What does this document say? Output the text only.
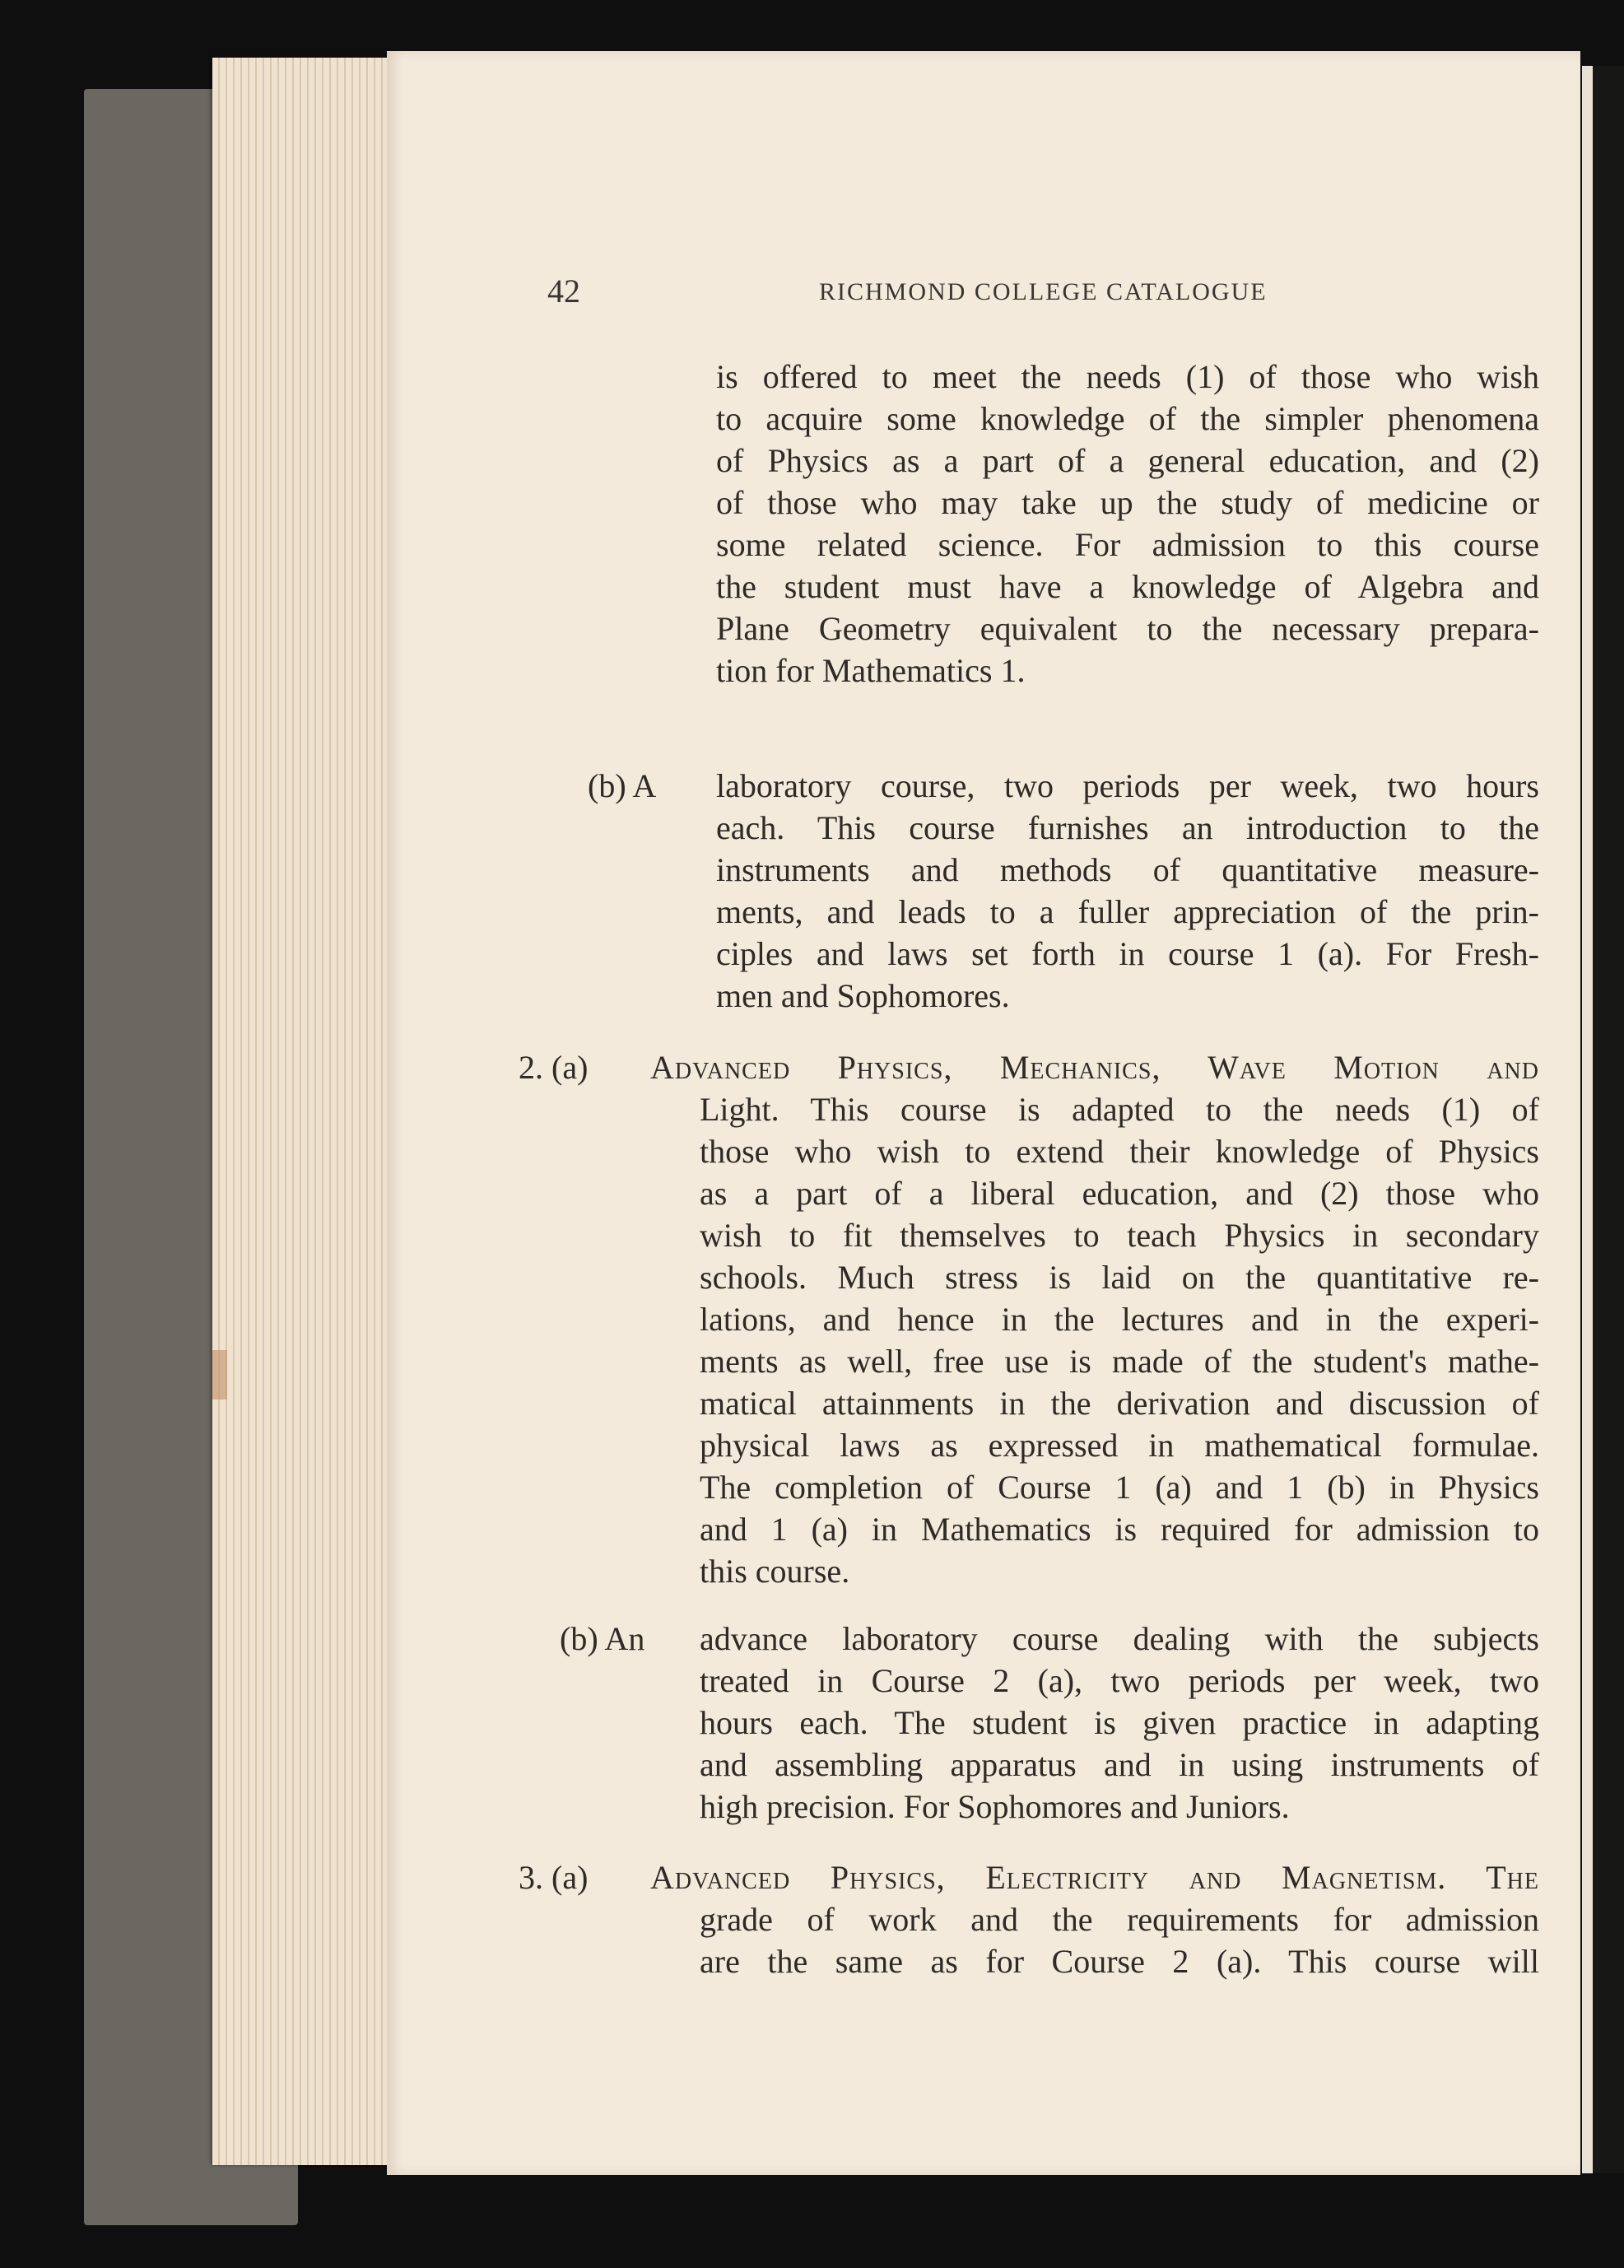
42	RICHMOND COLLEGE CATALOGUE
is offered to meet the needs (1) of those who wish
to acquire some knowledge of the simpler phenomena
of Physics as a part of a general education, and (2)
of those who may take up the study of medicine or
some related science. For admission to this course
the student must have a knowledge of Algebra and
Plane Geometry equivalent to the necessary prepara-
tion for Mathematics 1.
(b) A laboratory course, two periods per week, two hours
each. This course furnishes an introduction to the
instruments and methods of quantitative measure-
ments, and leads to a fuller appreciation of the prin-
ciples and laws set forth in course 1 (a). For Fresh-
men and Sophomores.
2. (a) Advanced Physics, Mechanics, Wave Motion and
Light. This course is adapted to the needs (1) of
those who wish to extend their knowledge of Physics
as a part of a liberal education, and (2) those who
wish to fit themselves to teach Physics in secondary
schools. Much stress is laid on the quantitative re-
lations, and hence in the lectures and in the experi-
ments as well, free use is made of the student's mathe-
matical attainments in the derivation and discussion of
physical laws as expressed in mathematical formulae.
The completion of Course 1 (a) and 1 (b) in Physics
and 1 (a) in Mathematics is required for admission to
this course.
(b) An advance laboratory course dealing with the subjects
treated in Course 2 (a), two periods per week, two
hours each. The student is given practice in adapting
and assembling apparatus and in using instruments of
high precision. For Sophomores and Juniors.
3. (a) Advanced Physics, Electricity and Magnetism. The
grade of work and the requirements for admission
are the same as for Course 2 (a). This course will
